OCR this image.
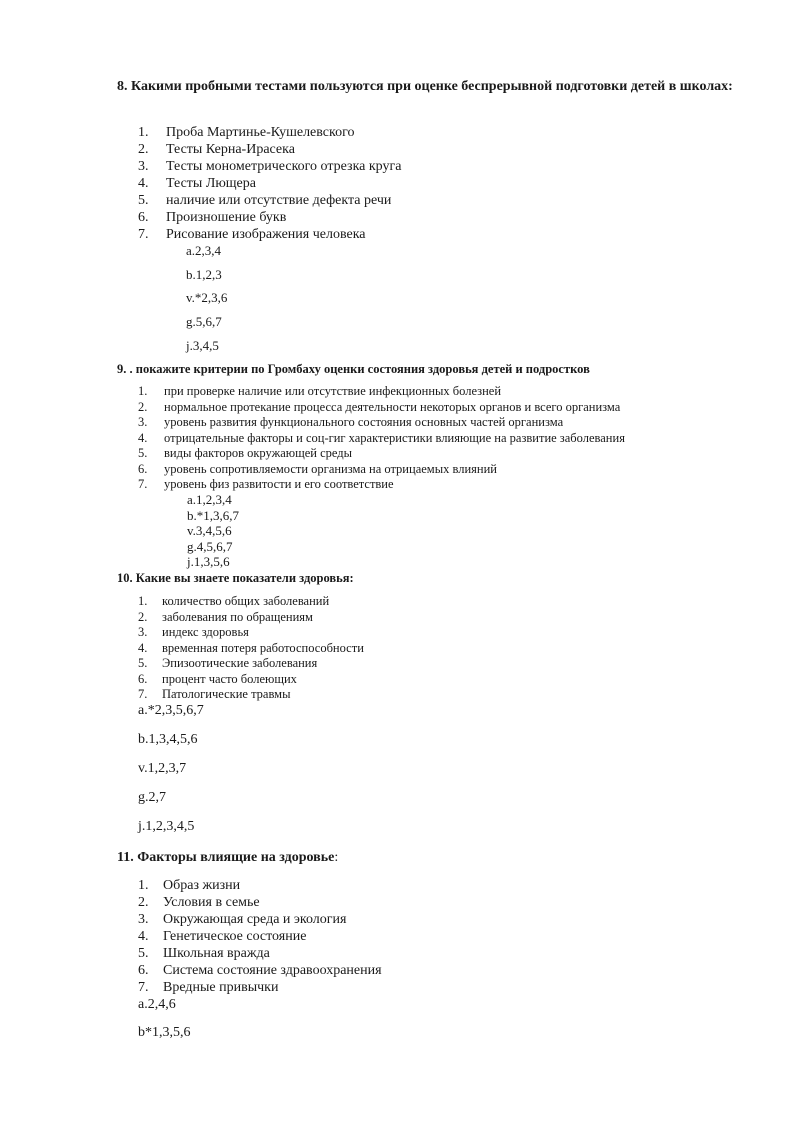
8. Какими пробными тестами пользуются при оценке беспрерывной подготовки детей в школах:

1. Проба Мартинье-Кушелевского
2. Тесты Керна-Ирасека
3. Тесты монометрического отрезка круга
4. Тесты Лющера
5. наличие или отсутствие дефекта речи
6. Произношение букв
7. Рисование изображения человека
a.2,3,4
b.1,2,3
v.*2,3,6
g.5,6,7
j.3,4,5

9. . покажите критерии по Громбаху оценки состояния здоровья детей и подростков

1. при проверке наличие или отсутствие инфекционных болезней
2. нормальное протекание процесса деятельности некоторых органов и всего организма
3. уровень развития функционального состояния основных частей организма
4. отрицательные факторы и соц-гиг характеристики влияющие на развитие заболевания
5. виды факторов окружающей среды
6. уровень сопротивляемости организма на отрицаемых влияний
7. уровень физ развитости и его соответствие
a.1,2,3,4
b.*1,3,6,7
v.3,4,5,6
g.4,5,6,7
j.1,3,5,6

10. Какие вы знаете показатели здоровья:

1. количество общих заболеваний
2. заболевания по обращениям
3. индекс здоровья
4. временная потеря работоспособности
5. Эпизоотические заболевания
6. процент часто болеющих
7. Патологические травмы
a.*2,3,5,6,7
b.1,3,4,5,6
v.1,2,3,7
g.2,7
j.1,2,3,4,5

11. Факторы влиящие на здоровье:

1. Образ жизни
2. Условия в семье
3. Окружающая среда и экология
4. Генетическое состояние
5. Школьная вражда
6. Система состояние здравоохранения
7. Вредные привычки
a.2,4,6
b*1,3,5,6
